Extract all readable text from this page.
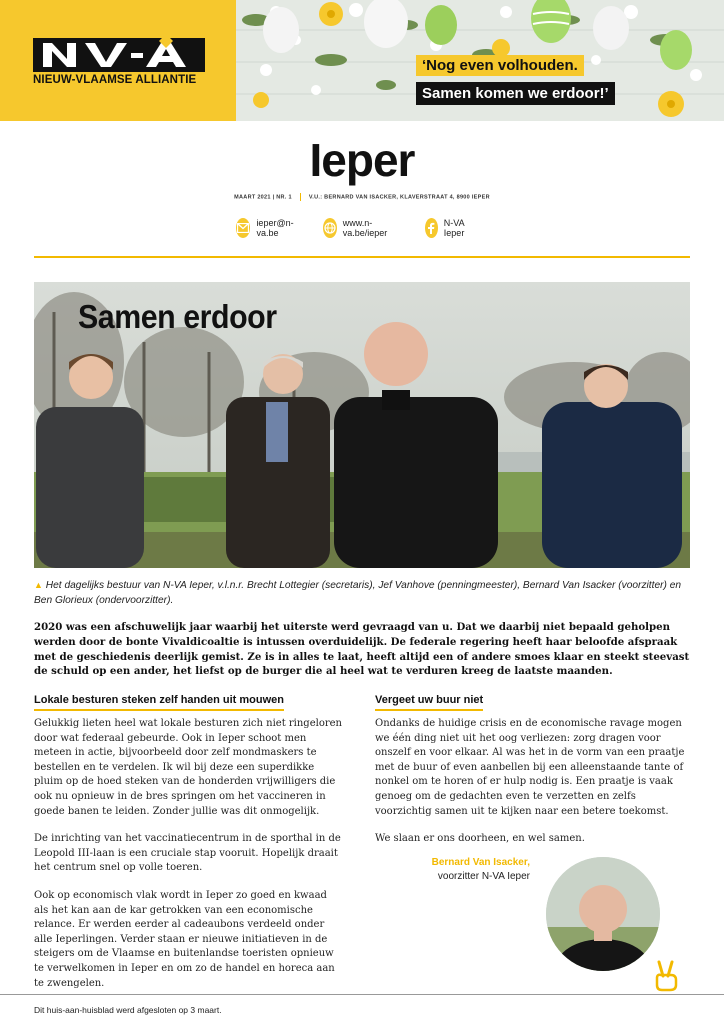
NIEUW-VLAAMSE ALLIANTIE
‘Nog even volhouden.
Samen komen we erdoor!’
Ieper
MAART 2021 | NR. 1	V.U.: BERNARD VAN ISACKER, KLAVERSTRAAT 4, 8900 IEPER
ieper@n-va.be
www.n-va.be/ieper
N-VA Ieper
Samen erdoor
▲ Het dagelijks bestuur van N-VA Ieper, v.l.n.r. Brecht Lottegier (secretaris), Jef Vanhove (penningmeester), Bernard Van Isacker (voorzitter) en Ben Glorieux (ondervoorzitter).
2020 was een afschuwelijk jaar waarbij het uiterste werd gevraagd van u. Dat we daarbij niet bepaald geholpen werden door de bonte Vivaldicoaltie is intussen overduidelijk. De federale regering heeft haar beloofde afspraak met de geschiedenis deerlijk gemist. Ze is in alles te laat, heeft altijd een of andere smoes klaar en steekt steevast de schuld op een ander, het liefst op de burger die al heel wat te verduren kreeg de laatste maanden.
Lokale besturen steken zelf handen uit mouwen

Gelukkig lieten heel wat lokale besturen zich niet ringeloren door wat federaal gebeurde. Ook in Ieper schoot men meteen in actie, bijvoorbeeld door zelf mondmaskers te bestellen en te verdelen. Ik wil bij deze een superdikke pluim op de hoed steken van de honderden vrijwilligers die ook nu opnieuw in de bres springen om het vaccineren in goede banen te leiden. Zonder jullie was dit onmogelijk.

De inrichting van het vaccinatiecentrum in de sporthal in de Leopold III-laan is een cruciale stap vooruit. Hopelijk draait het centrum snel op volle toeren.

Ook op economisch vlak wordt in Ieper zo goed en kwaad als het kan aan de kar getrokken van een economische relance. Er werden eerder al cadeaubons verdeeld onder alle Ieperlingen. Verder staan er nieuwe initiatieven in de steigers om de Vlaamse en buitenlandse toeristen opnieuw te verwelkomen in Ieper en om zo de handel en horeca aan te zwengelen.

Vergeet uw buur niet

Ondanks de huidige crisis en de economische ravage mogen we één ding niet uit het oog verliezen: zorg dragen voor onszelf en voor elkaar. Al was het in de vorm van een praatje met de buur of even aanbellen bij een alleenstaande tante of nonkel om te horen of er hulp nodig is. Een praatje is vaak genoeg om de gedachten even te verzetten en zelfs voorzichtig samen uit te kijken naar een betere toekomst.

We slaan er ons doorheen, en wel samen.

Bernard Van Isacker,
voorzitter N-VA Ieper
Dit huis-aan-huisblad werd afgesloten op 3 maart.
